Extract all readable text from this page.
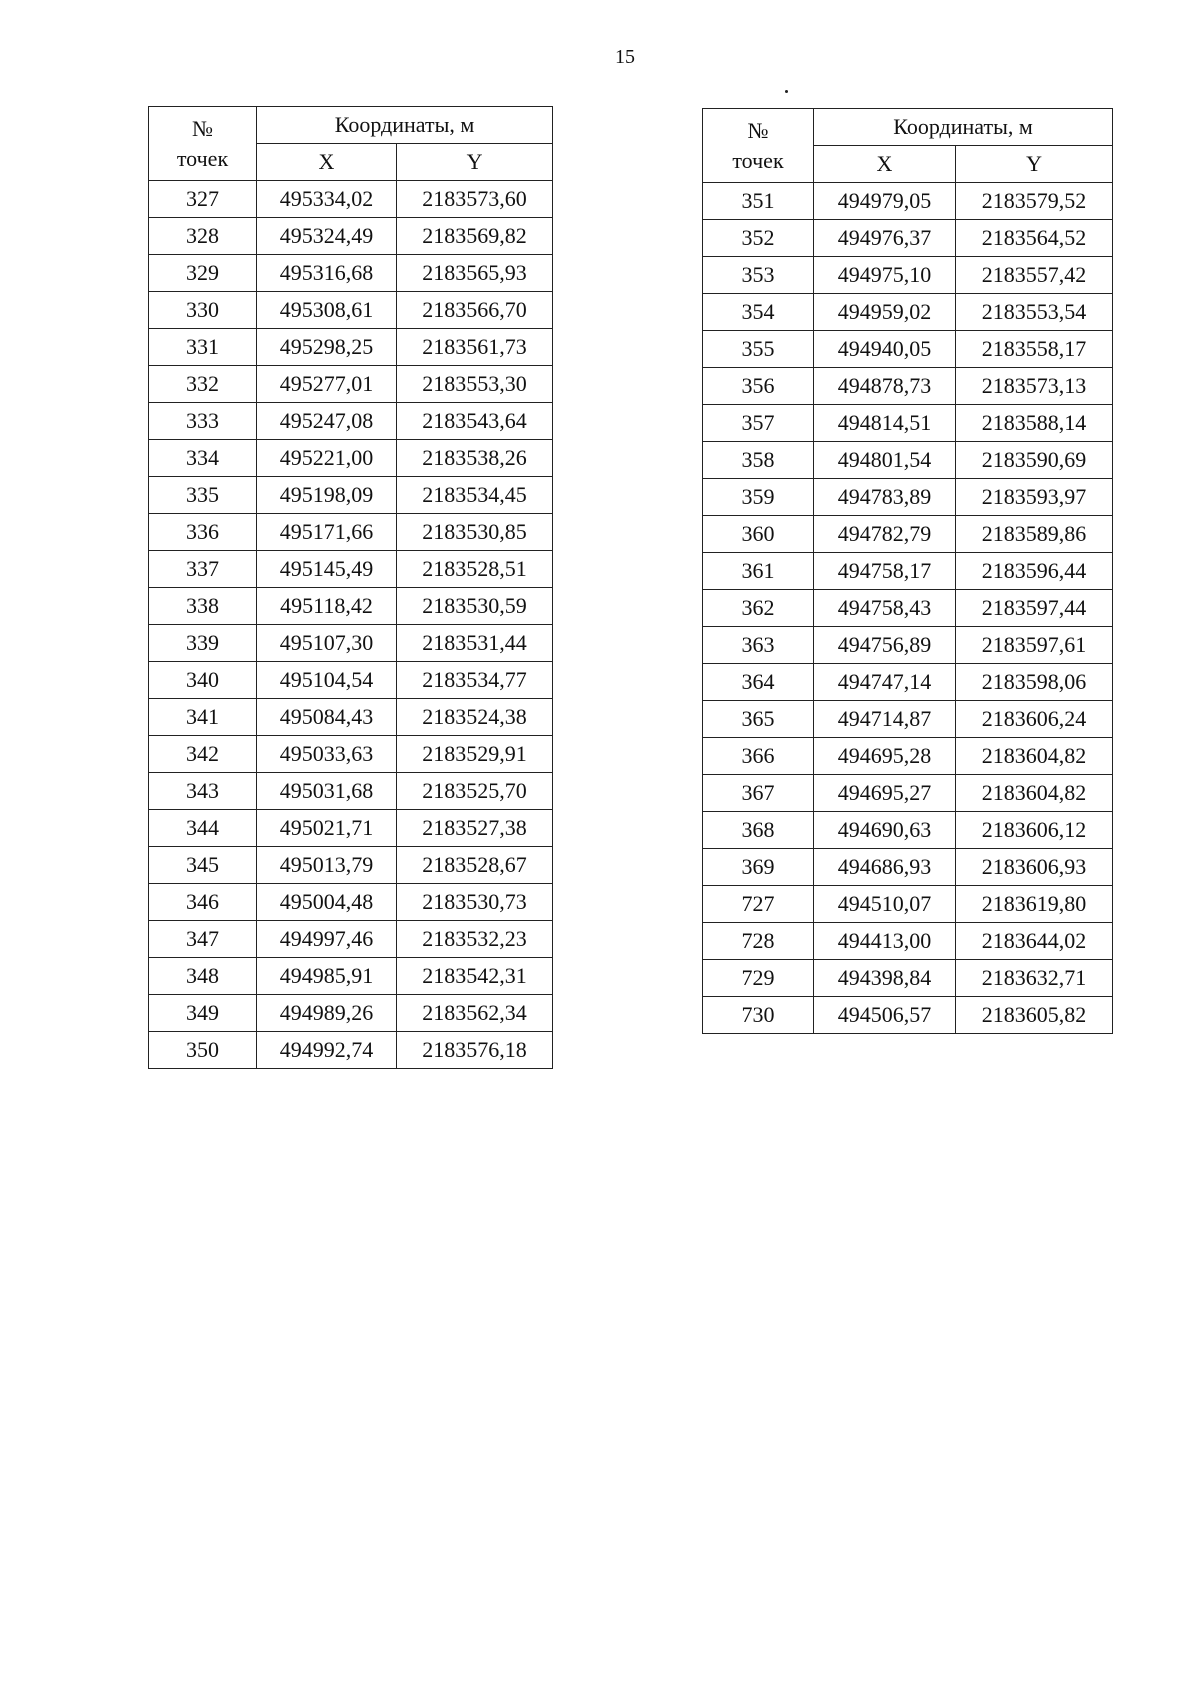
15
№
точек	Координаты, м	
	X	Y
327	495334,02	2183573,60
328	495324,49	2183569,82
329	495316,68	2183565,93
330	495308,61	2183566,70
331	495298,25	2183561,73
332	495277,01	2183553,30
333	495247,08	2183543,64
334	495221,00	2183538,26
335	495198,09	2183534,45
336	495171,66	2183530,85
337	495145,49	2183528,51
338	495118,42	2183530,59
339	495107,30	2183531,44
340	495104,54	2183534,77
341	495084,43	2183524,38
342	495033,63	2183529,91
343	495031,68	2183525,70
344	495021,71	2183527,38
345	495013,79	2183528,67
346	495004,48	2183530,73
347	494997,46	2183532,23
348	494985,91	2183542,31
349	494989,26	2183562,34
350	494992,74	2183576,18
№
точек	Координаты, м	
	X	Y
351	494979,05	2183579,52
352	494976,37	2183564,52
353	494975,10	2183557,42
354	494959,02	2183553,54
355	494940,05	2183558,17
356	494878,73	2183573,13
357	494814,51	2183588,14
358	494801,54	2183590,69
359	494783,89	2183593,97
360	494782,79	2183589,86
361	494758,17	2183596,44
362	494758,43	2183597,44
363	494756,89	2183597,61
364	494747,14	2183598,06
365	494714,87	2183606,24
366	494695,28	2183604,82
367	494695,27	2183604,82
368	494690,63	2183606,12
369	494686,93	2183606,93
727	494510,07	2183619,80
728	494413,00	2183644,02
729	494398,84	2183632,71
730	494506,57	2183605,82
